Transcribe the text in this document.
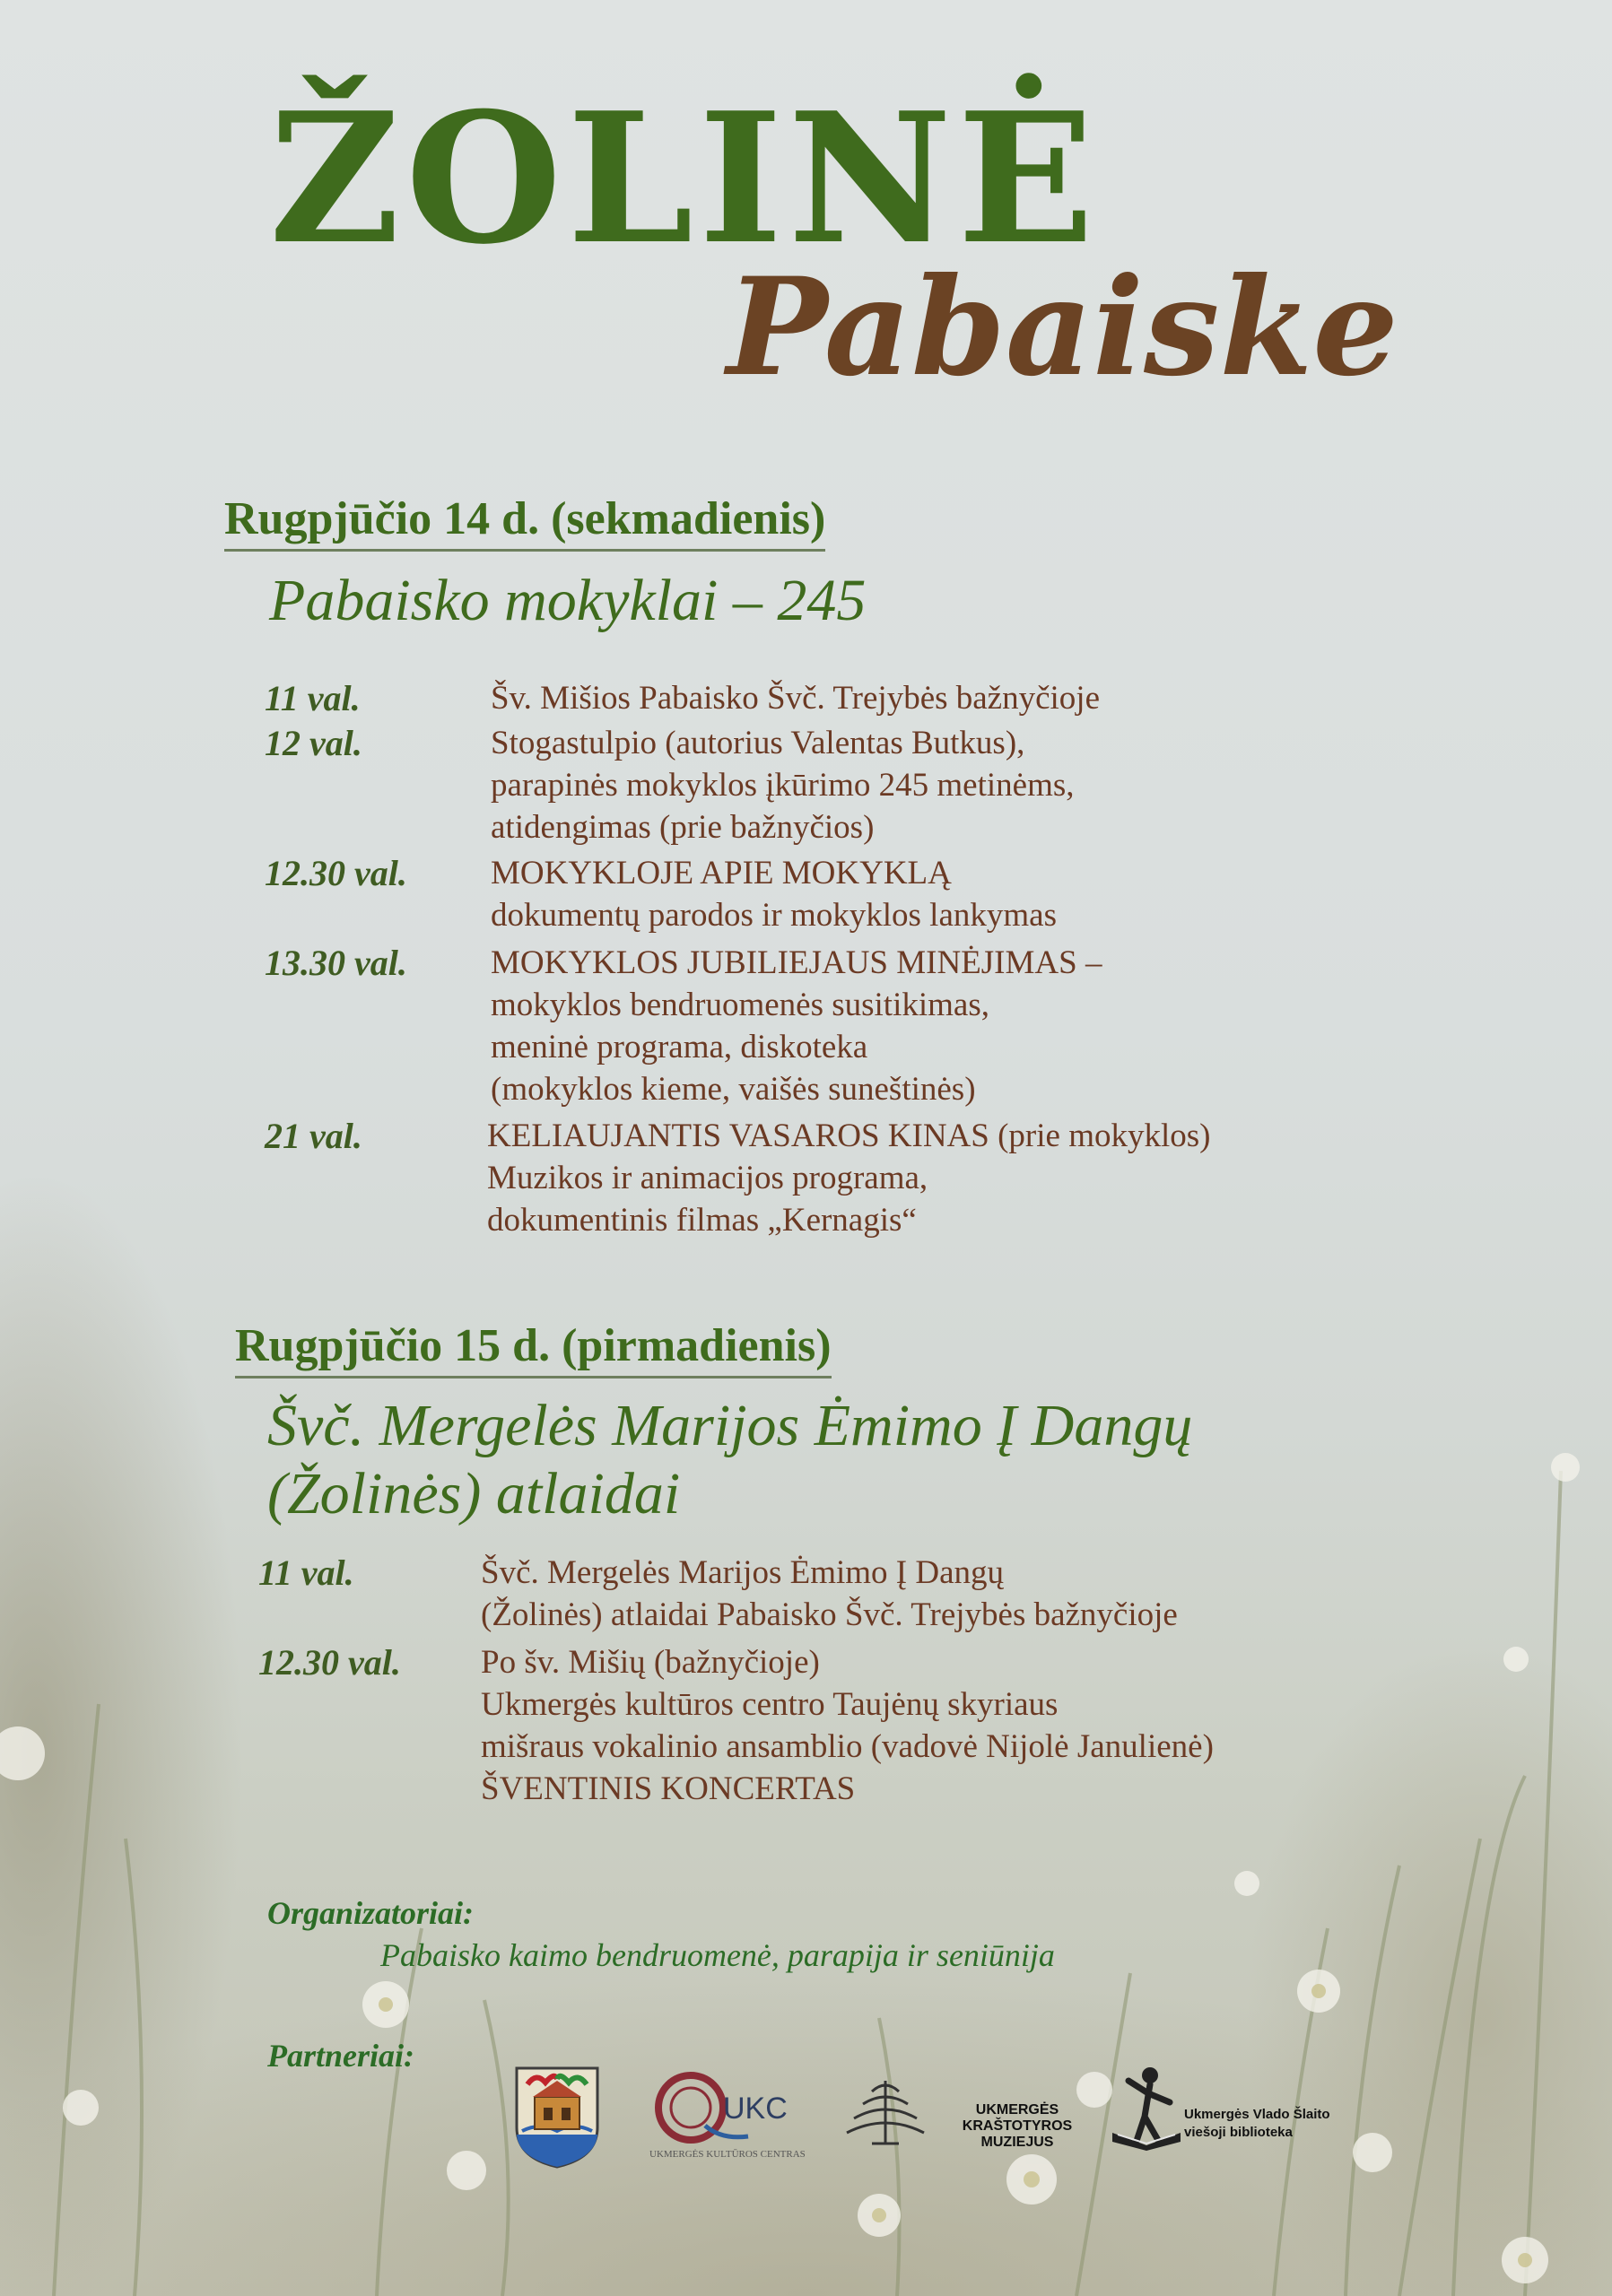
ŽOLINĖ
Pabaiske
Rugpjūčio 14 d. (sekmadienis)
Pabaisko mokyklai – 245
11 val.	Šv. Mišios Pabaisko Švč. Trejybės bažnyčioje
12 val.	Stogastulpio (autorius Valentas Butkus),
parapinės mokyklos įkūrimo 245 metinėms,
atidengimas (prie bažnyčios)
12.30 val.	MOKYKLOJE APIE MOKYKLĄ
dokumentų parodos ir mokyklos lankymas
13.30 val.	MOKYKLOS JUBILIEJAUS MINĖJIMAS –
mokyklos bendruomenės susitikimas,
meninė programa, diskoteka
(mokyklos kieme, vaišės suneštinės)
21 val.	KELIAUJANTIS VASAROS KINAS (prie mokyklos)
Muzikos ir animacijos programa,
dokumentinis filmas „Kernagis“
Rugpjūčio 15 d. (pirmadienis)
Švč. Mergelės Marijos Ėmimo Į Dangų
(Žolinės) atlaidai
11 val.	Švč. Mergelės Marijos Ėmimo Į Dangų
(Žolinės) atlaidai Pabaisko Švč. Trejybės bažnyčioje
12.30 val. Po šv. Mišių (bažnyčioje)
Ukmergės kultūros centro Taujėnų skyriaus
mišraus vokalinio ansamblio (vadovė Nijolė Janulienė)
ŠVENTINIS KONCERTAS

Organizatoriai:

Pabaisko kaimo bendruomenė, parapija ir seniūnija

Partneriai:

UKC
UKMERGĖS KULTŪROS CENTRAS
UKMERGĖS
KRAŠTOTYROS
MUZIEJUS
Ukmergės Vlado Šlaito
viešoji biblioteka
